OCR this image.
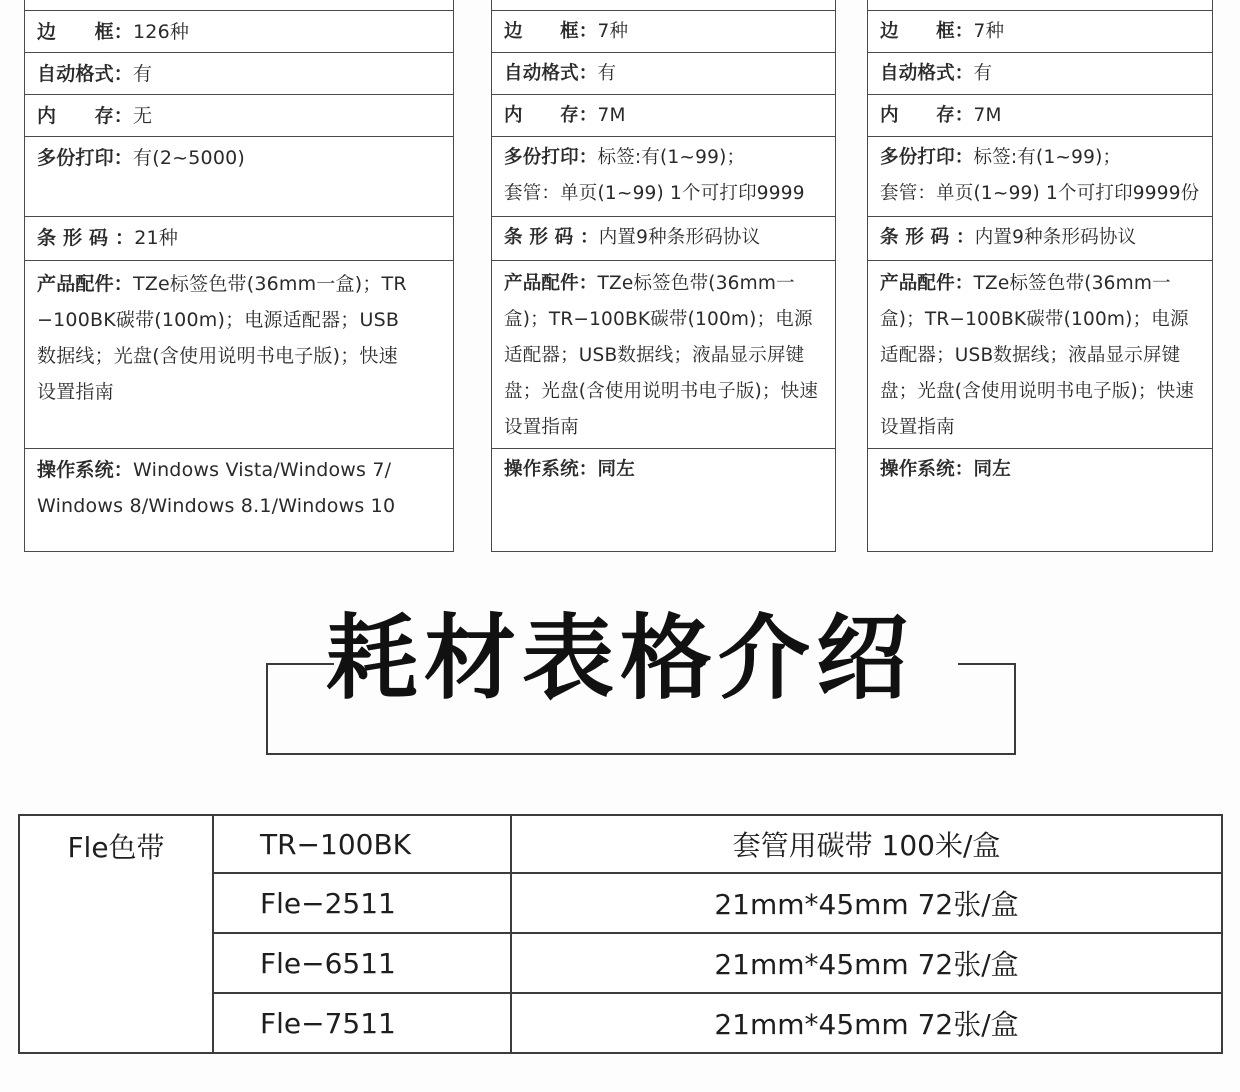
边　　框：126种
自动格式：有
内　　存：无
多份打印：有(2~5000)
条 形 码 ：21种
产品配件：TZe标签色带(36mm一盒)；TR
−100BK碳带(100m)；电源适配器；USB
数据线；光盘(含使用说明书电子版)；快速
设置指南
操作系统：Windows Vista/Windows 7/
Windows 8/Windows 8.1/Windows 10
边　　框：7种
自动格式：有
内　　存：7M
多份打印：标签:有(1~99)；
套管：单页(1~99) 1个可打印9999
条 形 码 ：内置9种条形码协议
产品配件：TZe标签色带(36mm一
盒)；TR−100BK碳带(100m)；电源
适配器；USB数据线；液晶显示屏键
盘；光盘(含使用说明书电子版)；快速
设置指南
操作系统：同左
边　　框：7种
自动格式：有
内　　存：7M
多份打印：标签:有(1~99)；
套管：单页(1~99) 1个可打印9999份
条 形 码 ：内置9种条形码协议
产品配件：TZe标签色带(36mm一
盒)；TR−100BK碳带(100m)；电源
适配器；USB数据线；液晶显示屏键
盘；光盘(含使用说明书电子版)；快速
设置指南
操作系统：同左
耗材表格介绍
Fle色带	TR−100BK	套管用碳带 100米/盒
	Fle−2511	21mm*45mm 72张/盒
	Fle−6511	21mm*45mm 72张/盒
	Fle−7511	21mm*45mm 72张/盒
